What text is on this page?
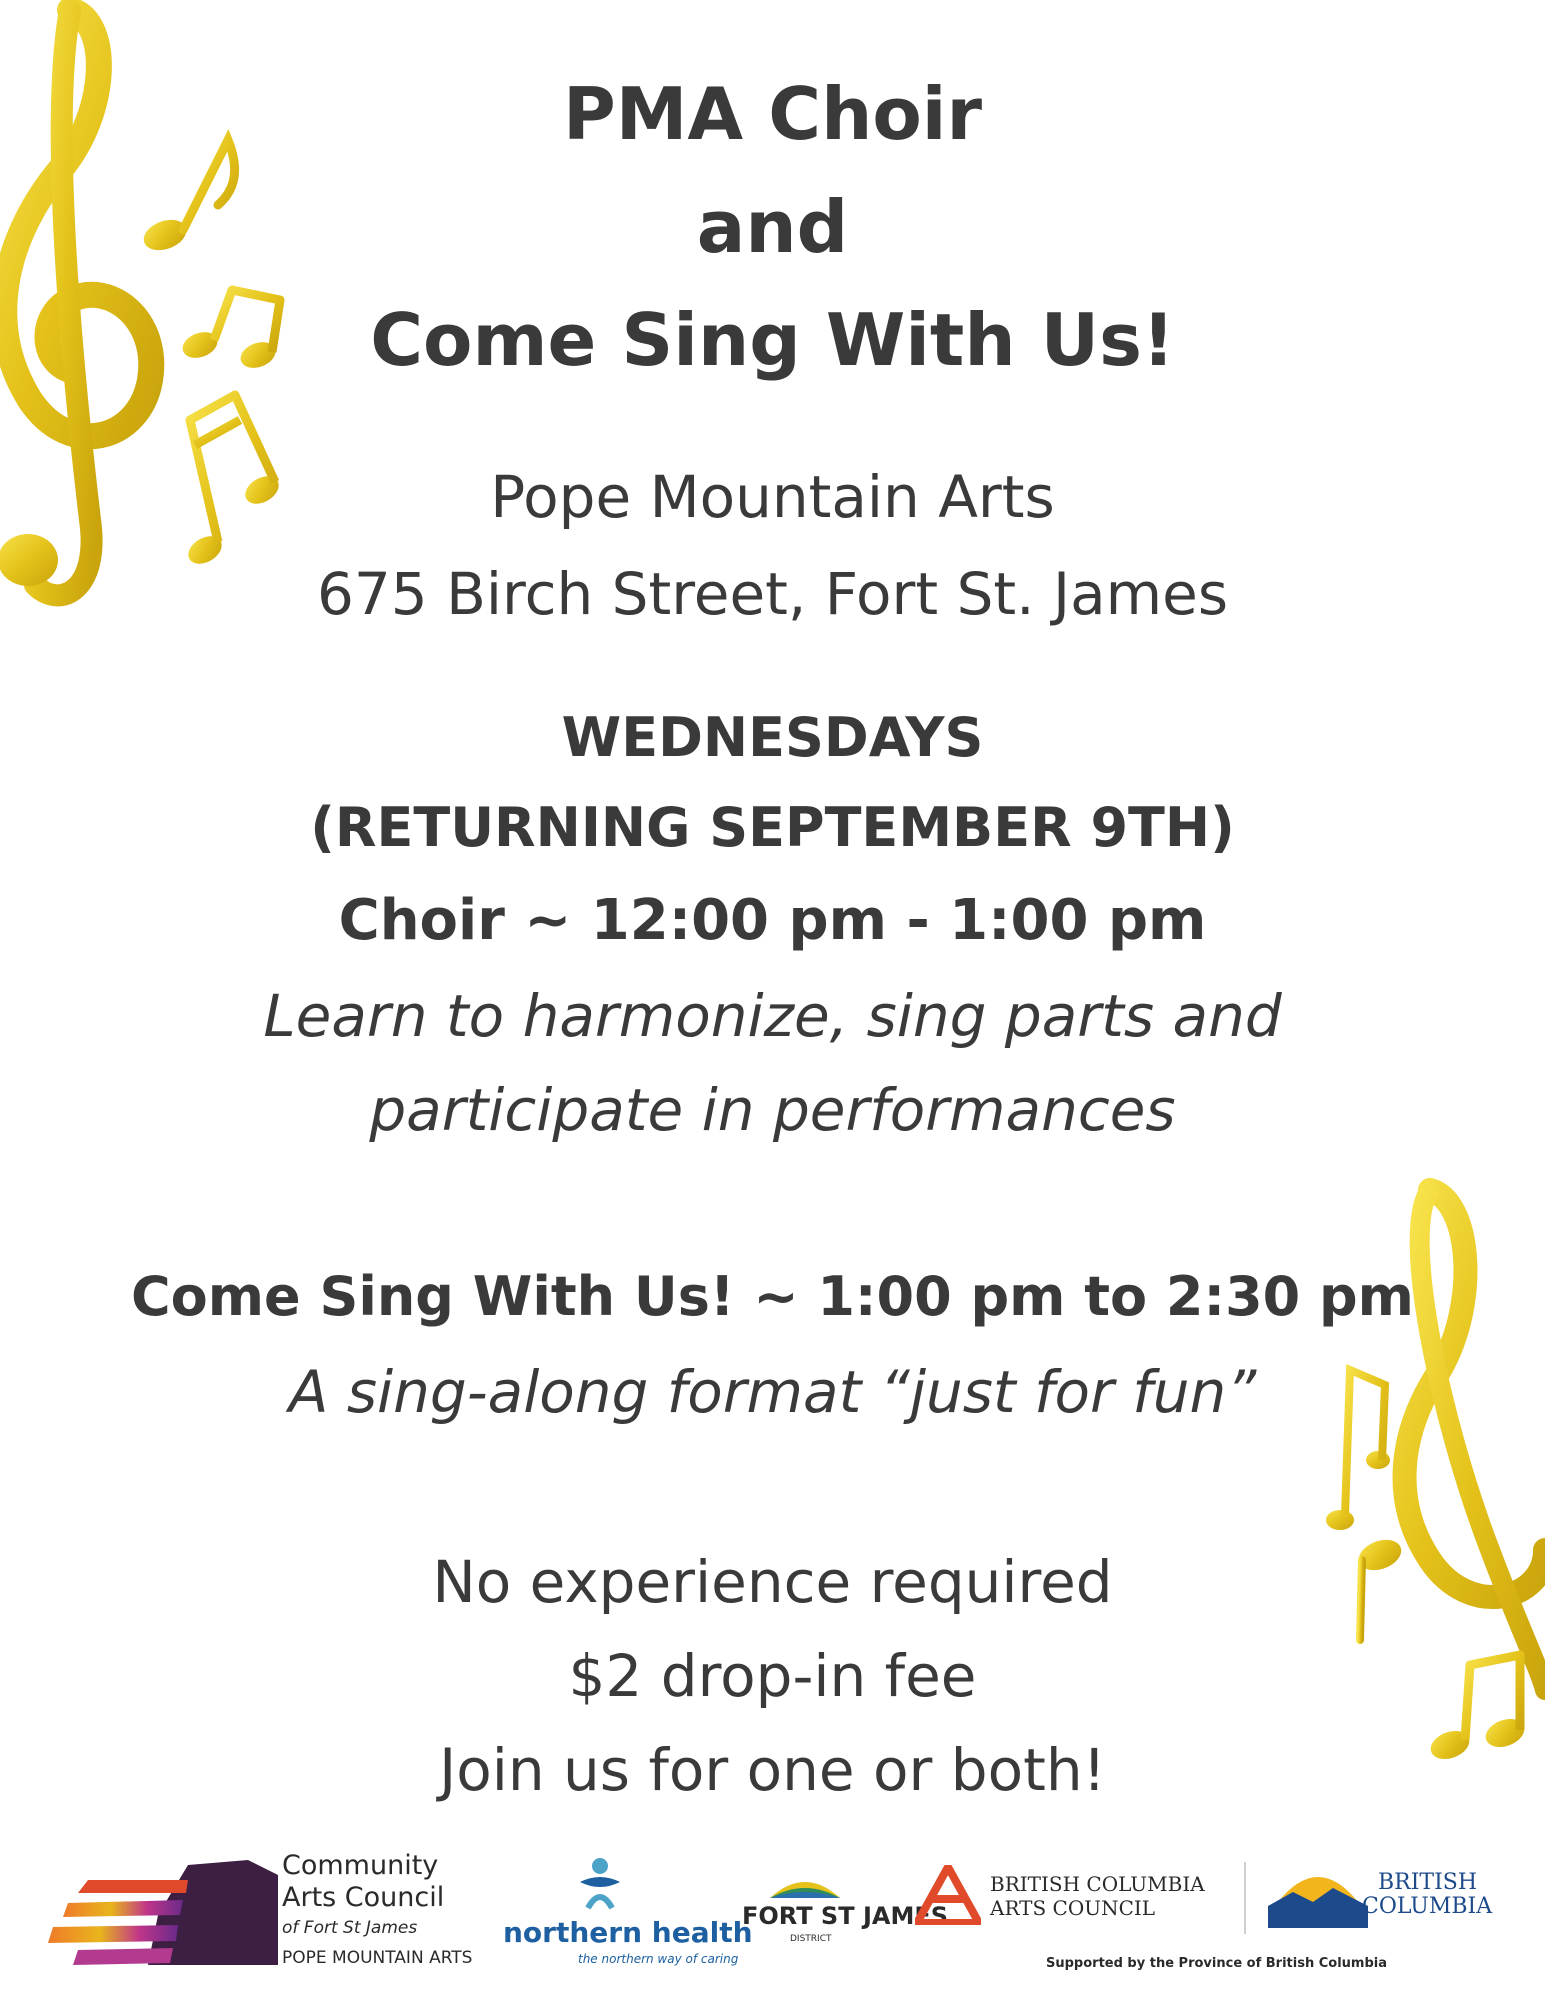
PMA Choir
and
Come Sing With Us!
Pope Mountain Arts
675 Birch Street, Fort St. James
WEDNESDAYS
(RETURNING SEPTEMBER 9TH)
Choir ~ 12:00 pm - 1:00 pm
Learn to harmonize, sing parts and
participate in performances
Come Sing With Us! ~ 1:00 pm to 2:30 pm
A sing-along format “just for fun”
No experience required
$2 drop-in fee
Join us for one or both!
Community
Arts Council
of Fort St James
POPE MOUNTAIN ARTS
northern health
the northern way of caring
FORT ST JAMES
DISTRICT
BRITISH COLUMBIA
ARTS COUNCIL
BRITISH
COLUMBIA
Supported by the Province of British Columbia
